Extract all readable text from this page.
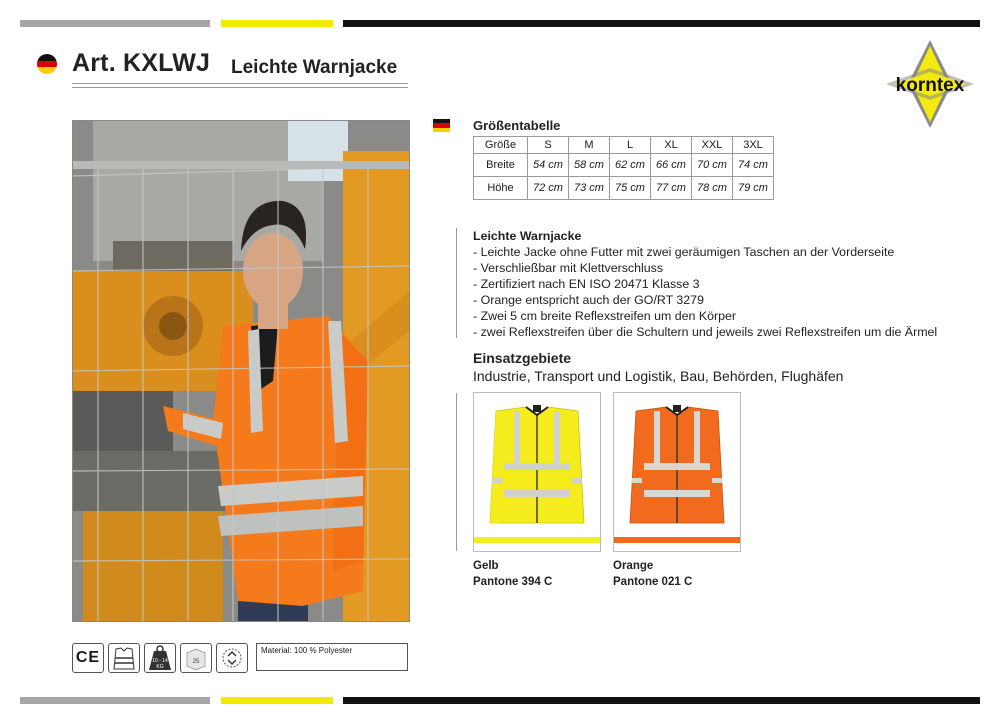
Art. KXLWJ Leichte Warnjacke
korntex
Größentabelle
Größe	S	M	L	XL	XXL	3XL
Breite	54 cm	58 cm	62 cm	66 cm	70 cm	74 cm
Höhe	72 cm	73 cm	75 cm	77 cm	78 cm	79 cm
Leichte Warnjacke
- Leichte Jacke ohne Futter mit zwei geräumigen Taschen an der Vorderseite
- Verschließbar mit Klettverschluss
- Zertifiziert nach EN ISO 20471 Klasse 3
- Orange entspricht auch der GO/RT 3279
- Zwei 5 cm breite Reflexstreifen um den Körper
- zwei Reflexstreifen über die Schultern und jeweils zwei Reflexstreifen um die Ärmel
Einsatzgebiete
Industrie, Transport und Logistik, Bau, Behörden, Flughäfen
Gelb
Pantone 394 C
Orange
Pantone 021 C
CE	10 - 14
KG
25
Material: 100 % Polyester
